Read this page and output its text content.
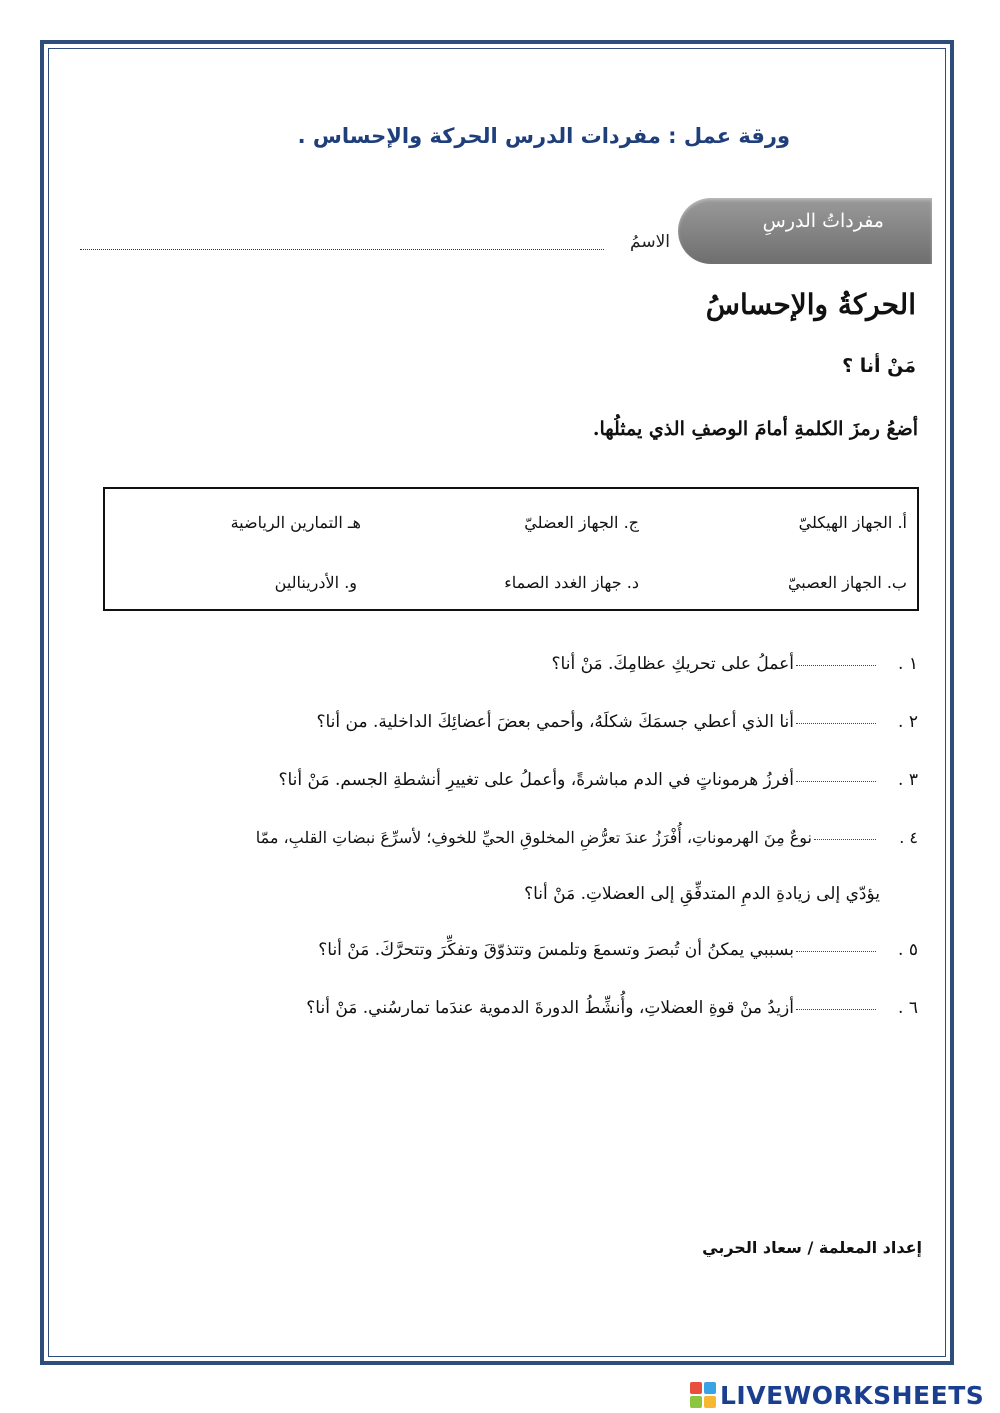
ورقة عمل : مفردات الدرس الحركة والإحساس .
مفرداتُ الدرسِ
الاسمُ
الحركةُ والإحساسُ
مَنْ أنا ؟
أضعُ رمزَ الكلمةِ أمامَ الوصفِ الذي يمثلُها.
أ. الجهاز الهيكليّ
ج. الجهاز العضليّ
هـ التمارين الرياضية
ب. الجهاز العصبيّ
د. جهاز الغدد الصماء
و. الأدرينالين
١ .أعملُ على تحريكِ عظامِكَ. مَنْ أنا؟
٢ .أنا الذي أعطي جسمَكَ شكلَهُ، وأحمي بعضَ أعضائِكَ الداخلية. من أنا؟
٣ .أفرزُ هرموناتٍ في الدم مباشرةً، وأعملُ على تغييرِ أنشطةِ الجسم. مَنْ أنا؟
٤ .نوعٌ مِنَ الهرموناتِ، أُفْرَزُ عندَ تعرُّضِ المخلوقِ الحيِّ للخوفِ؛ لأسرِّعَ نبضاتِ القلبِ، ممّا
يؤدّي إلى زيادةِ الدمِ المتدفِّقِ إلى العضلاتِ. مَنْ أنا؟
٥ .بسببي يمكنُ أن تُبصرَ وتسمعَ وتلمسَ وتتذوّقَ وتفكِّرَ وتتحرَّكَ. مَنْ أنا؟
٦ .أزيدُ منْ قوةِ العضلاتِ، وأُنشِّطُ الدورةَ الدموية عندَما تمارسُني. مَنْ أنا؟
إعداد المعلمة / سعاد الحربي
LIVEWORKSHEETS
